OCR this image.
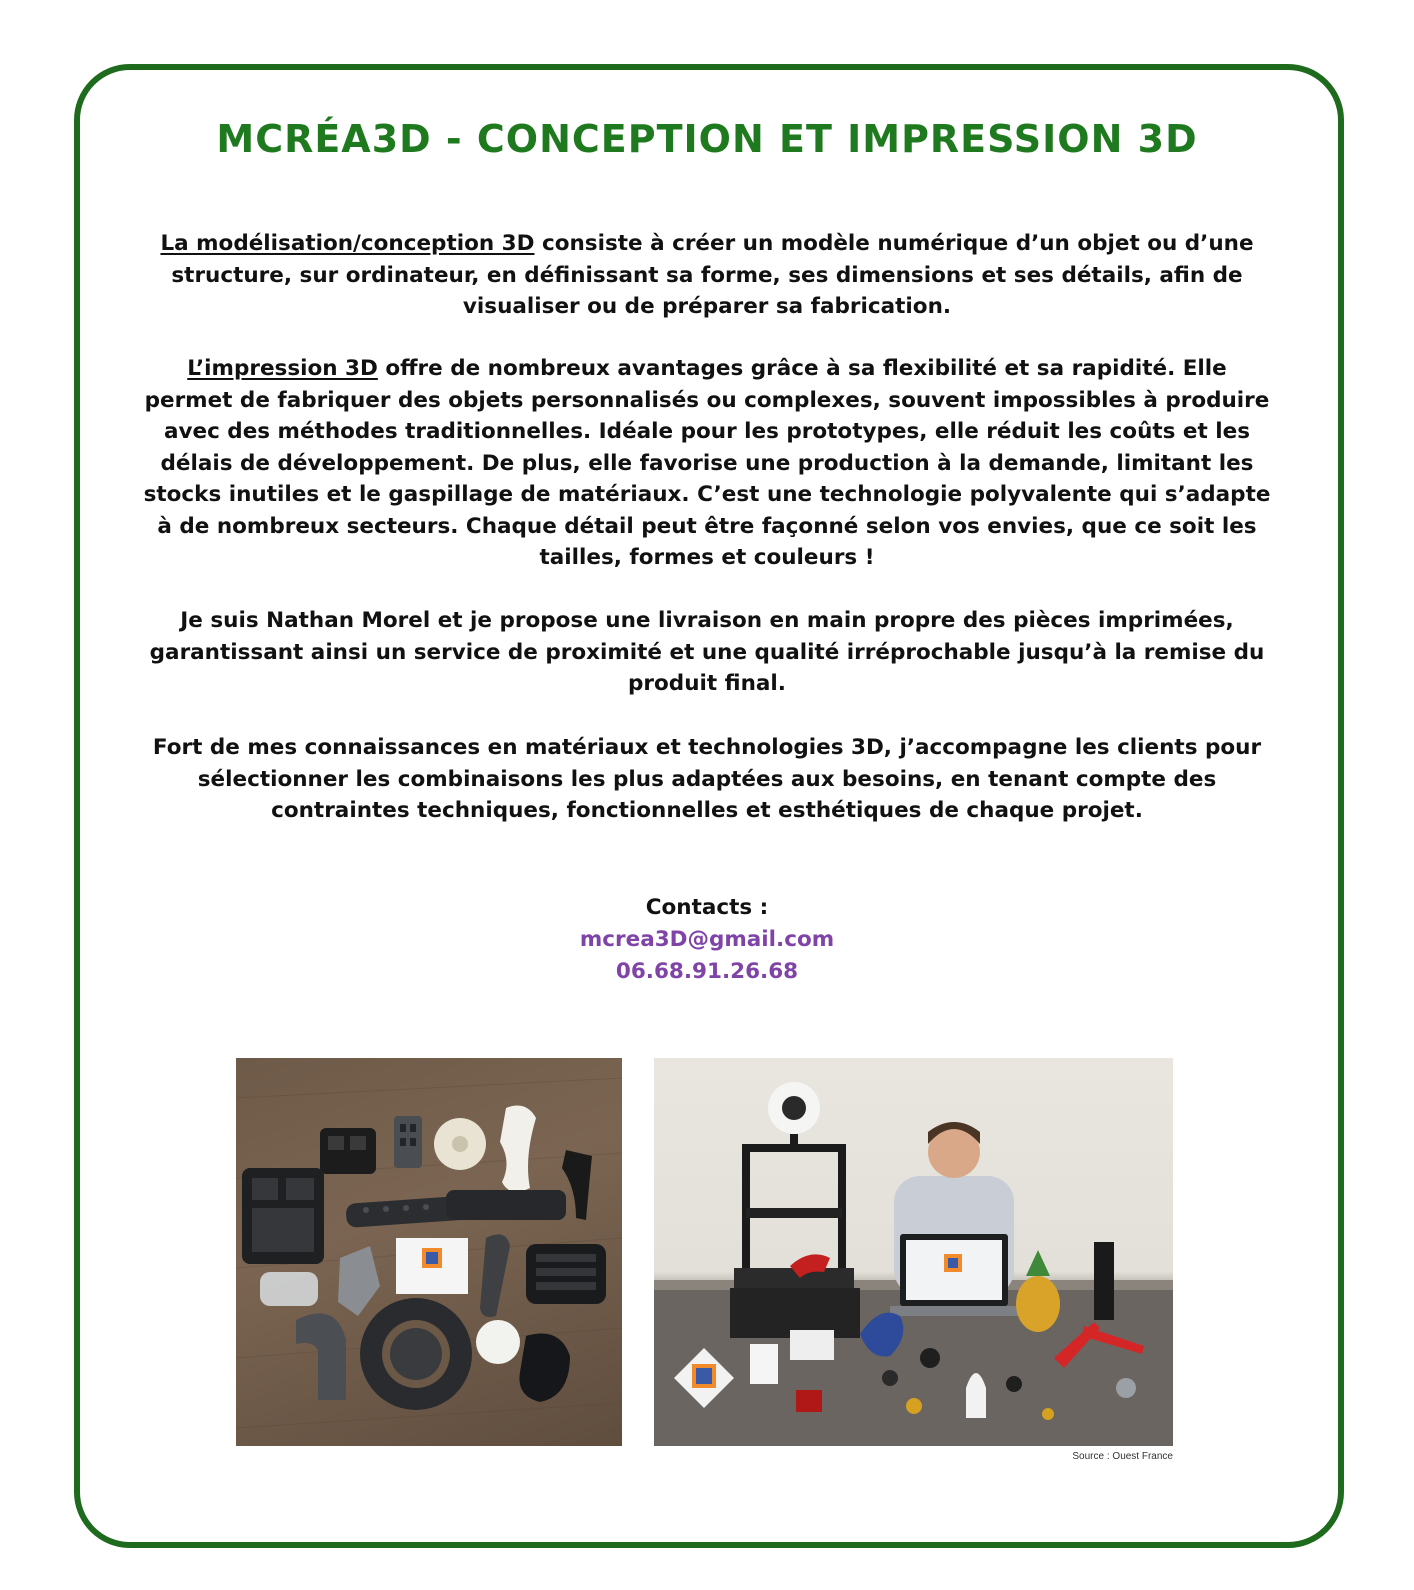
MCRÉA3D - CONCEPTION ET IMPRESSION 3D

La modélisation/conception 3D consiste à créer un modèle numérique d’un objet ou d’une structure, sur ordinateur, en définissant sa forme, ses dimensions et ses détails, afin de visualiser ou de préparer sa fabrication.

L’impression 3D offre de nombreux avantages grâce à sa flexibilité et sa rapidité. Elle permet de fabriquer des objets personnalisés ou complexes, souvent impossibles à produire avec des méthodes traditionnelles. Idéale pour les prototypes, elle réduit les coûts et les délais de développement. De plus, elle favorise une production à la demande, limitant les stocks inutiles et le gaspillage de matériaux. C’est une technologie polyvalente qui s’adapte à de nombreux secteurs. Chaque détail peut être façonné selon vos envies, que ce soit les tailles, formes et couleurs !

Je suis Nathan Morel et je propose une livraison en main propre des pièces imprimées, garantissant ainsi un service de proximité et une qualité irréprochable jusqu’à la remise du produit final.

Fort de mes connaissances en matériaux et technologies 3D, j’accompagne les clients pour sélectionner les combinaisons les plus adaptées aux besoins, en tenant compte des contraintes techniques, fonctionnelles et esthétiques de chaque projet.

Contacts :
mcrea3D@gmail.com
06.68.91.26.68
Source : Ouest France
